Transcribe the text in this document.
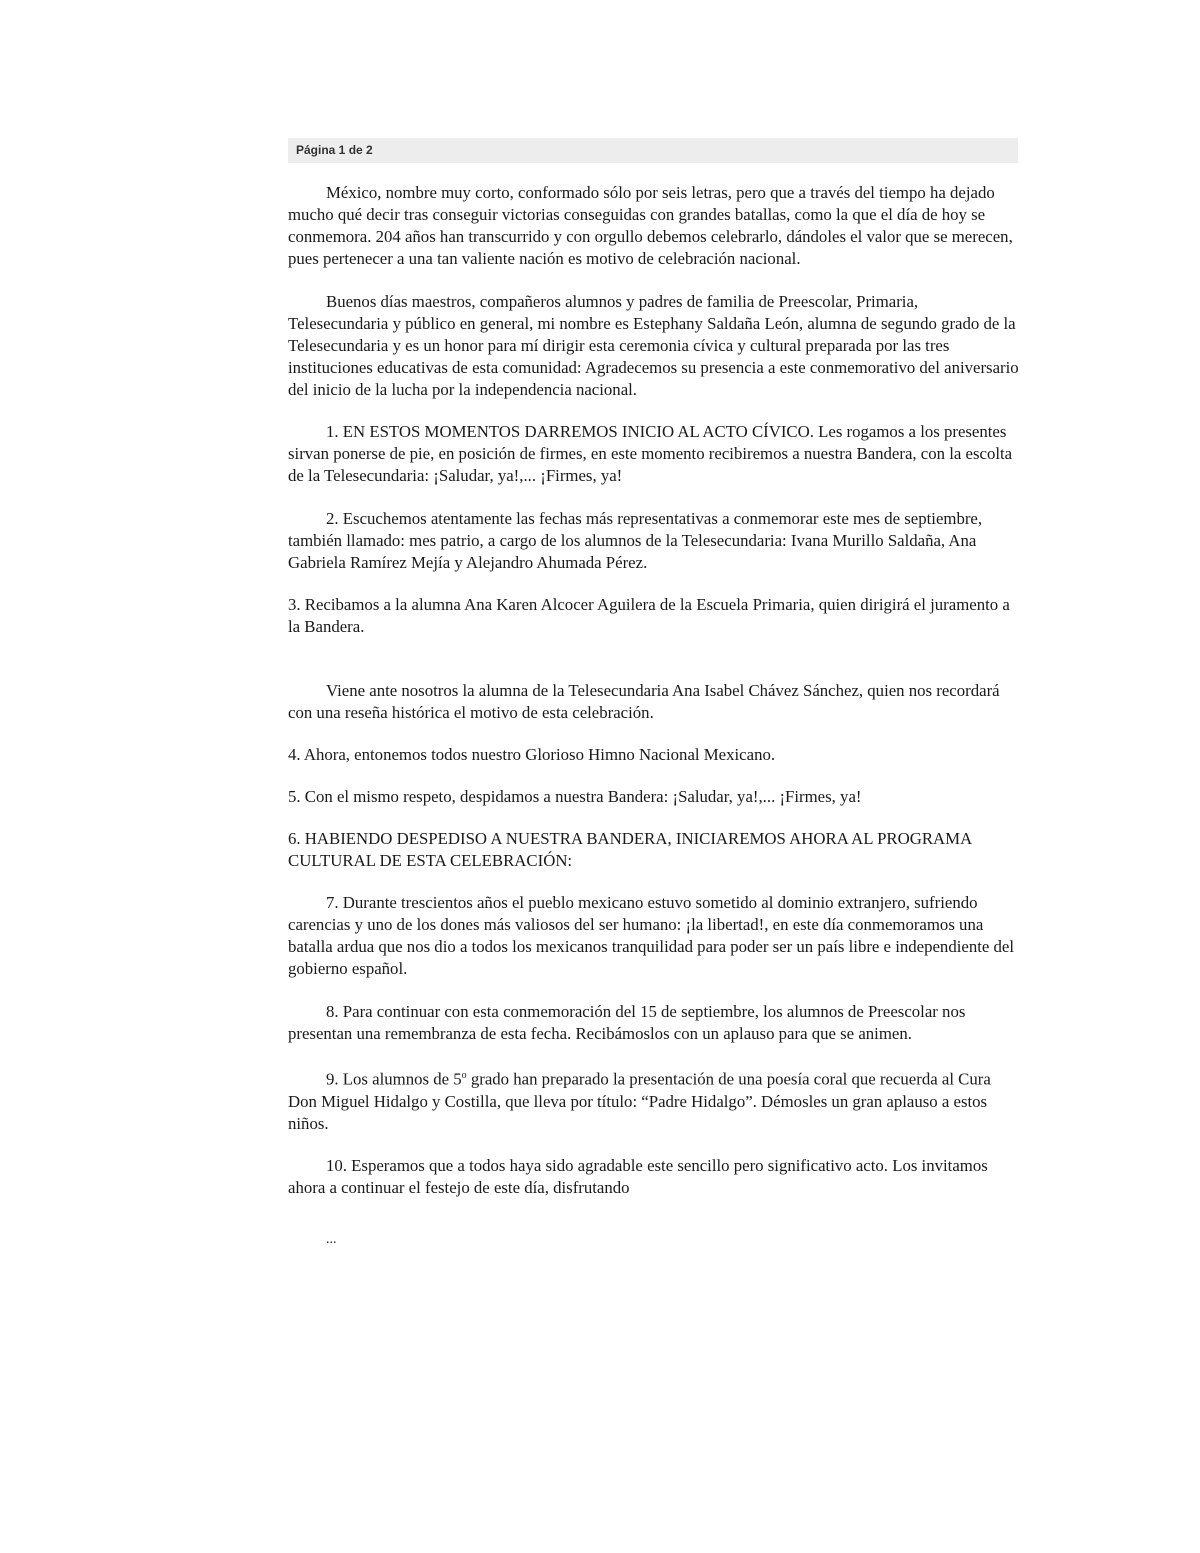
Página 1 de 2

México, nombre muy corto, conformado sólo por seis letras, pero que a través del tiempo ha dejado mucho qué decir tras conseguir victorias conseguidas con grandes batallas, como la que el día de hoy se conmemora. 204 años han transcurrido y con orgullo debemos celebrarlo, dándoles el valor que se merecen, pues pertenecer a una tan valiente nación es motivo de celebración nacional.

Buenos días maestros, compañeros alumnos y padres de familia de Preescolar, Primaria, Telesecundaria y público en general, mi nombre es Estephany Saldaña León, alumna de segundo grado de la Telesecundaria y es un honor para mí dirigir esta ceremonia cívica y cultural preparada por las tres instituciones educativas de esta comunidad: Agradecemos su presencia a este conmemorativo del aniversario del inicio de la lucha por la independencia nacional.

1. EN ESTOS MOMENTOS DARREMOS INICIO AL ACTO CÍVICO. Les rogamos a los presentes sirvan ponerse de pie, en posición de firmes, en este momento recibiremos a nuestra Bandera, con la escolta de la Telesecundaria: ¡Saludar, ya!,... ¡Firmes, ya!

2. Escuchemos atentamente las fechas más representativas a conmemorar este mes de septiembre, también llamado: mes patrio, a cargo de los alumnos de la Telesecundaria: Ivana Murillo Saldaña, Ana Gabriela Ramírez Mejía y Alejandro Ahumada Pérez.

3. Recibamos a la alumna Ana Karen Alcocer Aguilera de la Escuela Primaria, quien dirigirá el juramento a la Bandera.

Viene ante nosotros la alumna de la Telesecundaria Ana Isabel Chávez Sánchez, quien nos recordará con una reseña histórica el motivo de esta celebración.

4. Ahora, entonemos todos nuestro Glorioso Himno Nacional Mexicano.

5. Con el mismo respeto, despidamos a nuestra Bandera: ¡Saludar, ya!,... ¡Firmes, ya!

6. HABIENDO DESPEDISO A NUESTRA BANDERA, INICIAREMOS AHORA AL PROGRAMA CULTURAL DE ESTA CELEBRACIÓN:

7. Durante trescientos años el pueblo mexicano estuvo sometido al dominio extranjero, sufriendo carencias y uno de los dones más valiosos del ser humano: ¡la libertad!, en este día conmemoramos una batalla ardua que nos dio a todos los mexicanos tranquilidad para poder ser un país libre e independiente del gobierno español.

8. Para continuar con esta conmemoración del 15 de septiembre, los alumnos de Preescolar nos presentan una remembranza de esta fecha. Recibámoslos con un aplauso para que se animen.

9. Los alumnos de 5$^o$ grado han preparado la presentación de una poesía coral que recuerda al Cura Don Miguel Hidalgo y Costilla, que lleva por título: “Padre Hidalgo”. Démosles un gran aplauso a estos niños.

10. Esperamos que a todos haya sido agradable este sencillo pero significativo acto. Los invitamos ahora a continuar el festejo de este día, disfrutando

...
